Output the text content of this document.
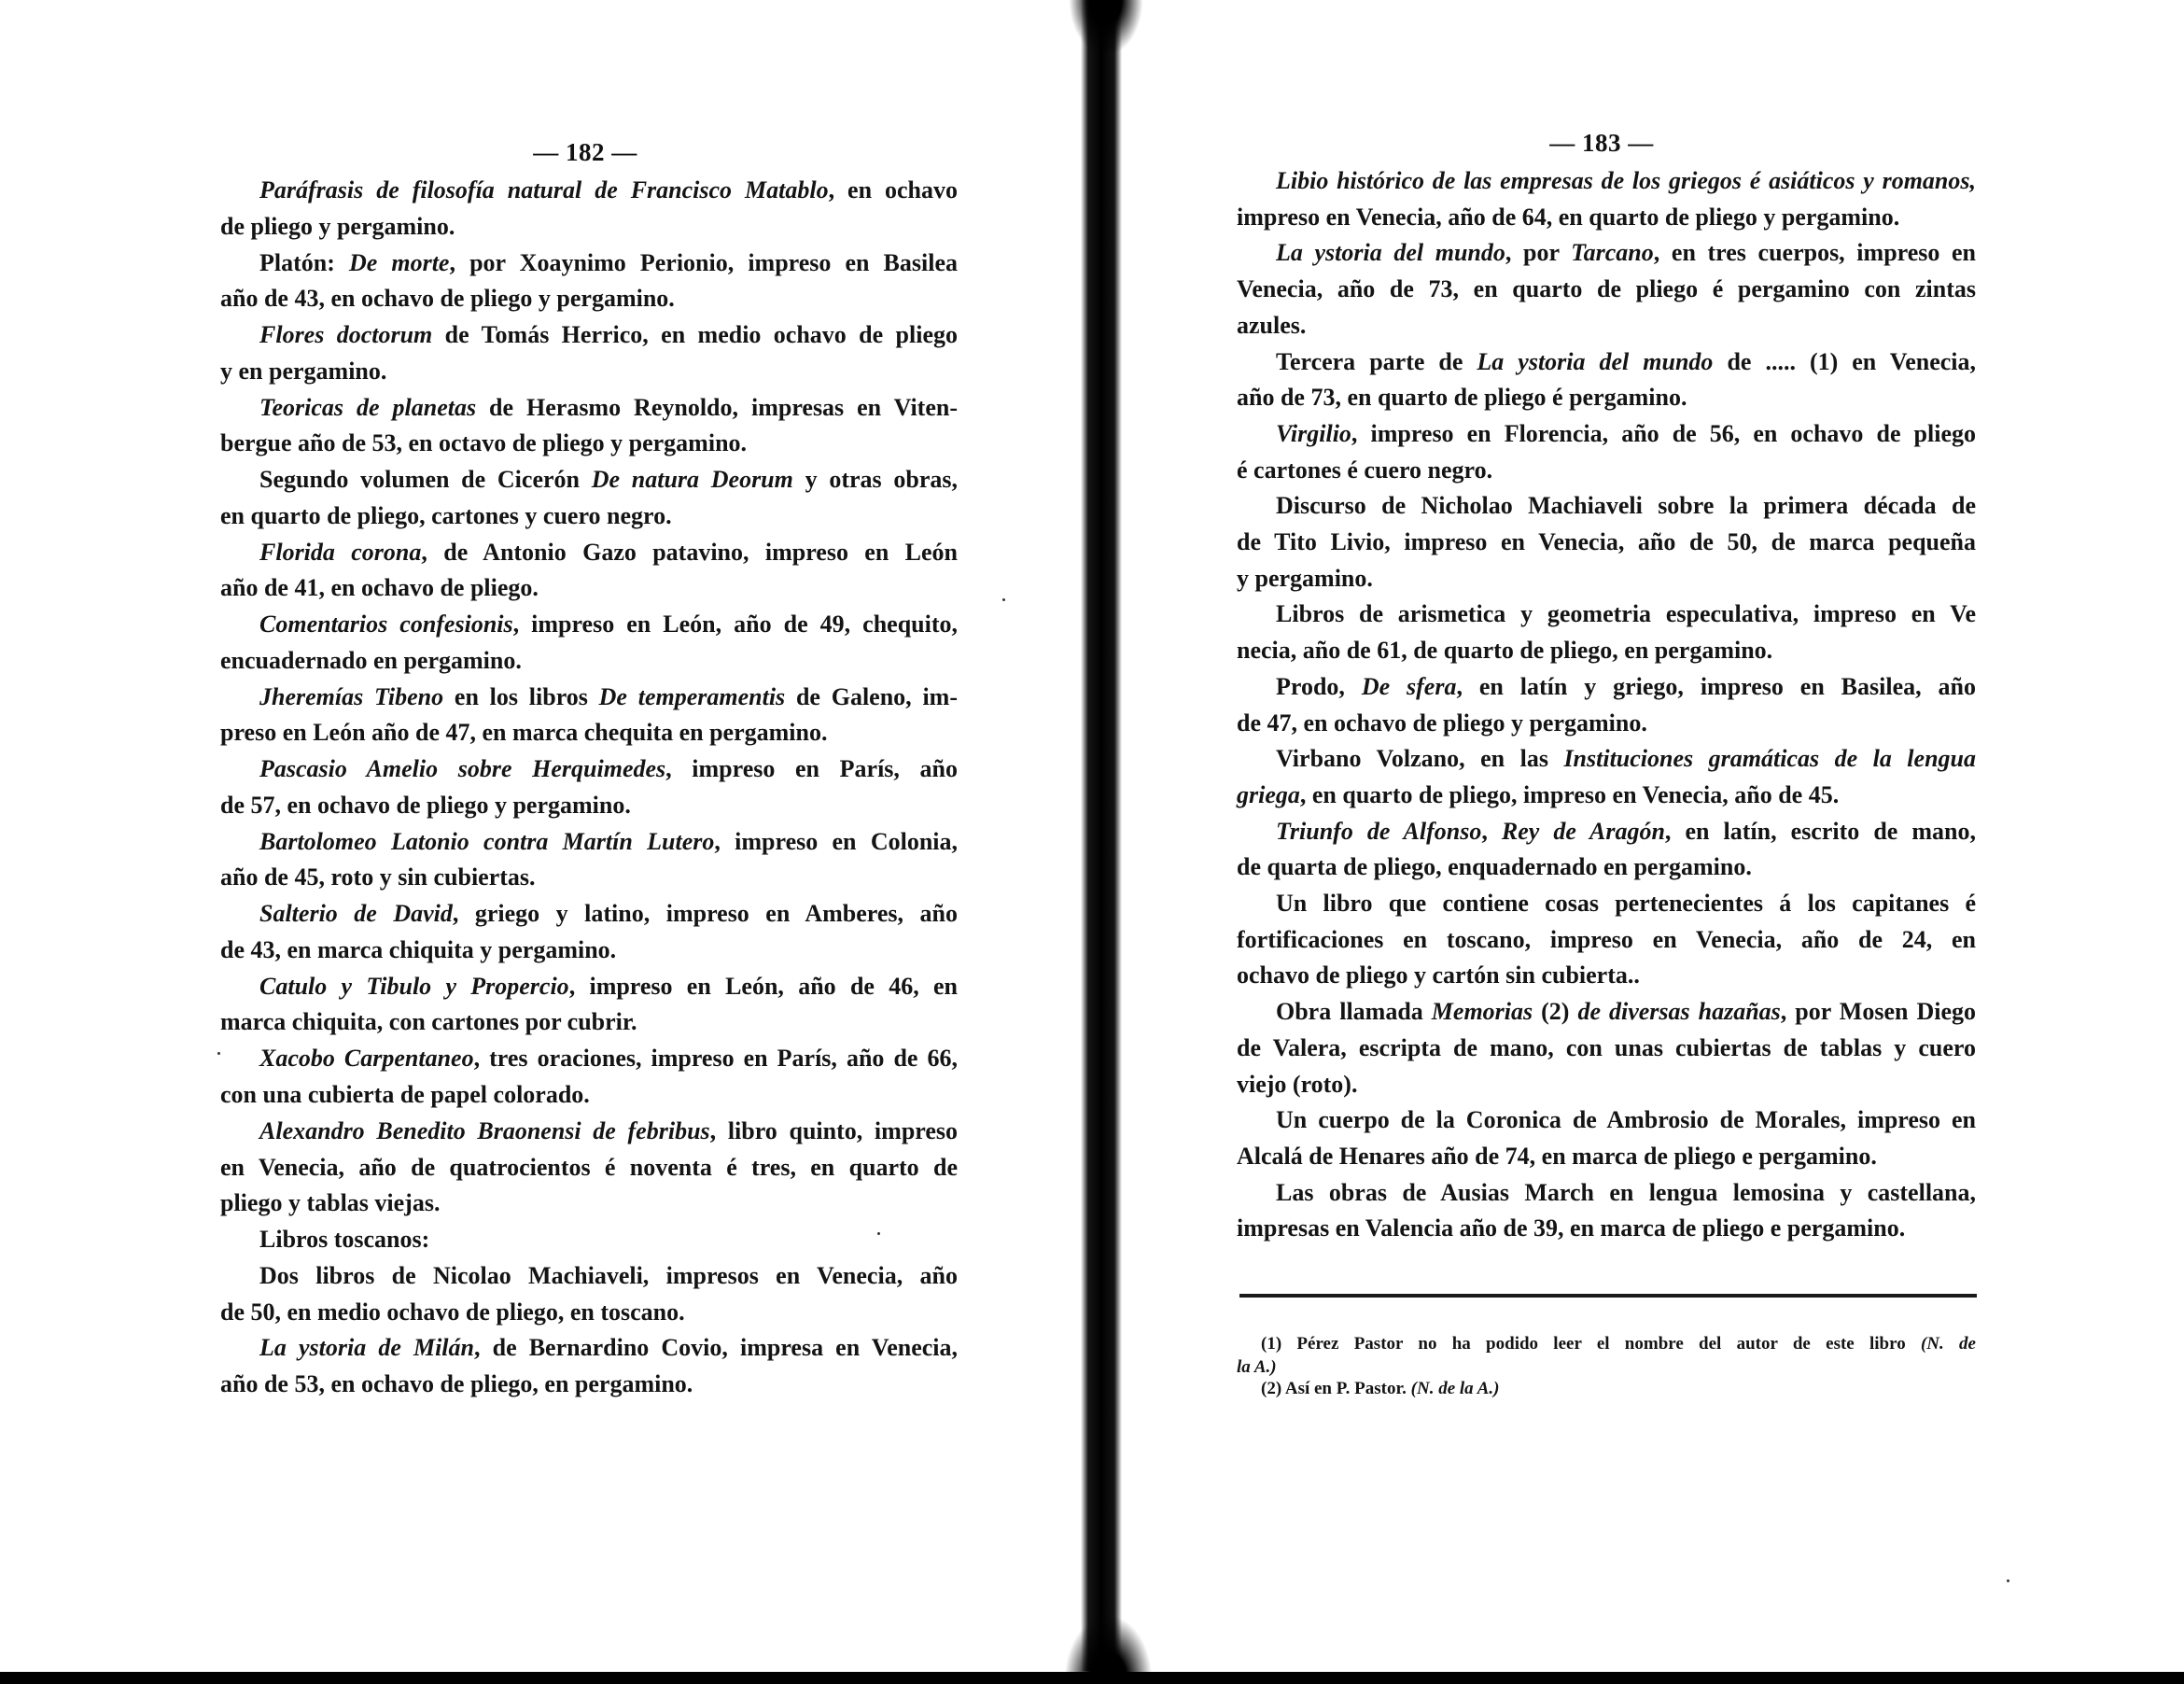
— 182 —
Paráfrasis de filosofía natural de Francisco Matablo, en ochavo
de pliego y pergamino.
Platón: De morte, por Xoaynimo Perionio, impreso en Basilea
año de 43, en ochavo de pliego y pergamino.
Flores doctorum de Tomás Herrico, en medio ochavo de pliego
y en pergamino.
Teoricas de planetas de Herasmo Reynoldo, impresas en Viten-
bergue año de 53, en octavo de pliego y pergamino.
Segundo volumen de Cicerón De natura Deorum y otras obras,
en quarto de pliego, cartones y cuero negro.
Florida corona, de Antonio Gazo patavino, impreso en León
año de 41, en ochavo de pliego.
Comentarios confesionis, impreso en León, año de 49, chequito,
encuadernado en pergamino.
Jheremías Tibeno en los libros De temperamentis de Galeno, im-
preso en León año de 47, en marca chequita en pergamino.
Pascasio Amelio sobre Herquimedes, impreso en París, año
de 57, en ochavo de pliego y pergamino.
Bartolomeo Latonio contra Martín Lutero, impreso en Colonia,
año de 45, roto y sin cubiertas.
Salterio de David, griego y latino, impreso en Amberes, año
de 43, en marca chiquita y pergamino.
Catulo y Tibulo y Propercio, impreso en León, año de 46, en
marca chiquita, con cartones por cubrir.
Xacobo Carpentaneo, tres oraciones, impreso en París, año de 66,
con una cubierta de papel colorado.
Alexandro Benedito Braonensi de febribus, libro quinto, impreso
en Venecia, año de quatrocientos é noventa é tres, en quarto de
pliego y tablas viejas.
Libros toscanos:
Dos libros de Nicolao Machiaveli, impresos en Venecia, año
de 50, en medio ochavo de pliego, en toscano.
La ystoria de Milán, de Bernardino Covio, impresa en Venecia,
año de 53, en ochavo de pliego, en pergamino.
— 183 —
Libio histórico de las empresas de los griegos é asiáticos y romanos,
impreso en Venecia, año de 64, en quarto de pliego y pergamino.
La ystoria del mundo, por Tarcano, en tres cuerpos, impreso en
Venecia, año de 73, en quarto de pliego é pergamino con zintas
azules.
Tercera parte de La ystoria del mundo de ..... (1) en Venecia,
año de 73, en quarto de pliego é pergamino.
Virgilio, impreso en Florencia, año de 56, en ochavo de pliego
é cartones é cuero negro.
Discurso de Nicholao Machiaveli sobre la primera década de
de Tito Livio, impreso en Venecia, año de 50, de marca pequeña
y pergamino.
Libros de arismetica y geometria especulativa, impreso en Ve
necia, año de 61, de quarto de pliego, en pergamino.
Prodo, De sfera, en latín y griego, impreso en Basilea, año
de 47, en ochavo de pliego y pergamino.
Virbano Volzano, en las Instituciones gramáticas de la lengua
griega, en quarto de pliego, impreso en Venecia, año de 45.
Triunfo de Alfonso, Rey de Aragón, en latín, escrito de mano,
de quarta de pliego, enquadernado en pergamino.
Un libro que contiene cosas pertenecientes á los capitanes é
fortificaciones en toscano, impreso en Venecia, año de 24, en
ochavo de pliego y cartón sin cubierta..
Obra llamada Memorias (2) de diversas hazañas, por Mosen Diego
de Valera, escripta de mano, con unas cubiertas de tablas y cuero
viejo (roto).
Un cuerpo de la Coronica de Ambrosio de Morales, impreso en
Alcalá de Henares año de 74, en marca de pliego e pergamino.
Las obras de Ausias March en lengua lemosina y castellana,
impresas en Valencia año de 39, en marca de pliego e pergamino.
(1) Pérez Pastor no ha podido leer el nombre del autor de este libro (N. de
la A.)
(2) Así en P. Pastor. (N. de la A.)
